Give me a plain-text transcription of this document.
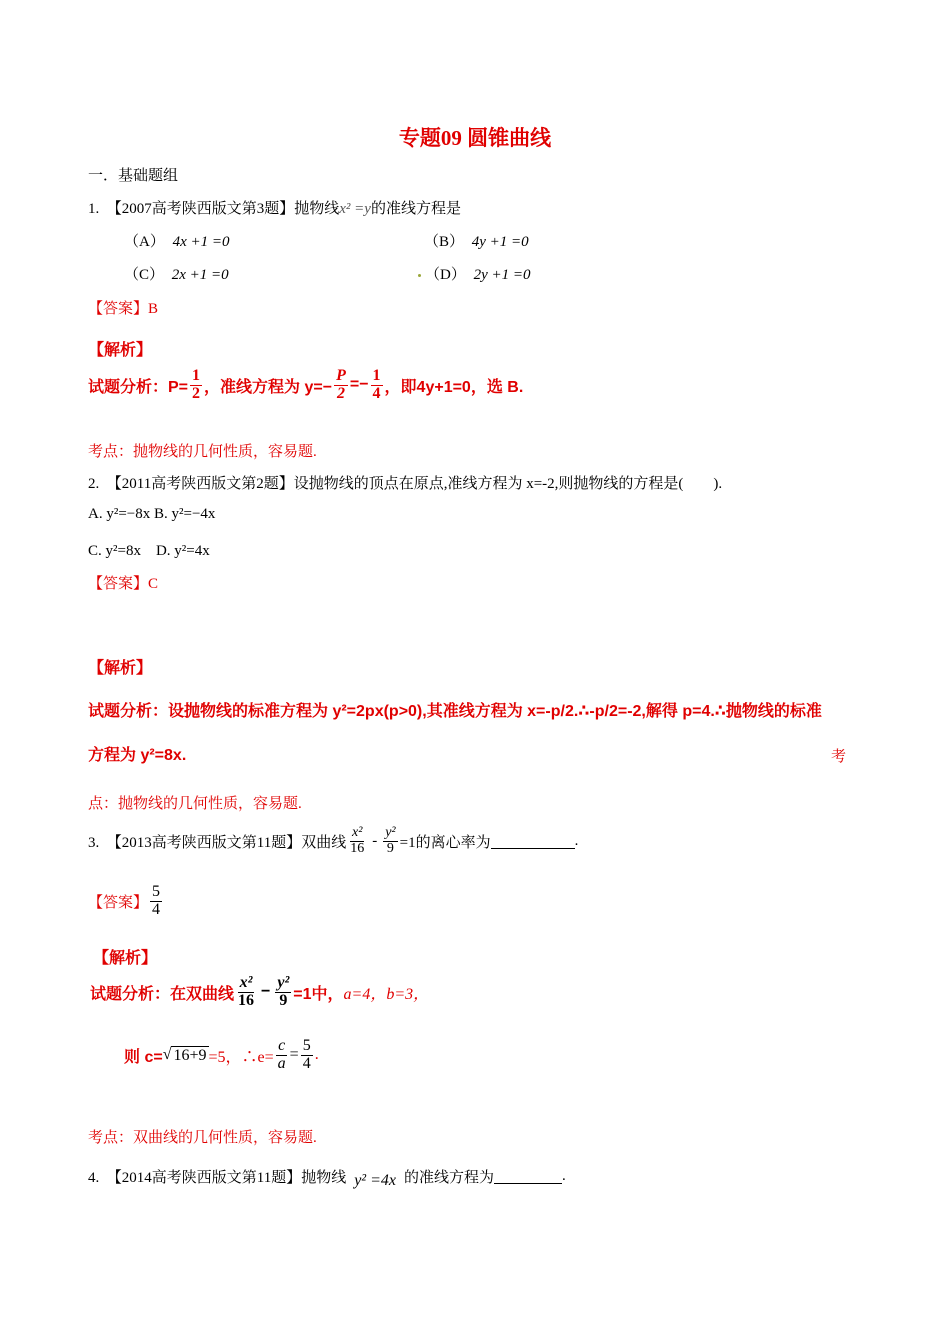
专题09 圆锥曲线
一．基础题组
1.　【2007高考陕西版文第3题】抛物线x² =y的准线方程是
（A） 4x +1 =0	（B） 4y +1 =0
（C） 2x +1 =0	（D） 2y +1 =0
【答案】B
【解析】
试题分析：$P= \frac{1}{2}$ ，准线方程为 $y=- \frac{P}{2} =- \frac{1}{4}$ ，即4y+1=0，选 B.
考点：抛物线的几何性质，容易题.
2.　【2011高考陕西版文第2题】设抛物线的顶点在原点,准线方程为 x=-2,则抛物线的方程是(　　).
A. y²=−8x B. y²=−4x
C. y²=8x　D. y²=4x
【答案】C
【解析】
试题分析：设抛物线的标准方程为 y²=2px(p>0),其准线方程为 x=-p/2.∴-p/2=-2,解得 p=4.∴抛物线的标准
方程为 y²=8x.	考
点：抛物线的几何性质，容易题.
3.　【2013高考陕西版文第11题】双曲线 $\frac{\text{x²}}{16} - \frac{\text{y²}}{9} =1$的离心率为	.
【答案】 $\frac{5}{4}$
【解析】
试题分析：在双曲线 $\frac{\text{x²}}{16} - \frac{\text{y²}}{9} =1$中， a=4，b=3，
则 c= √ 16+9 =5，∴e= $\frac{c}{a} = \frac{5}{4}$ .
考点：双曲线的几何性质，容易题.
4.　【2014高考陕西版文第11题】抛物线 y² =4x 的准线方程为	.
